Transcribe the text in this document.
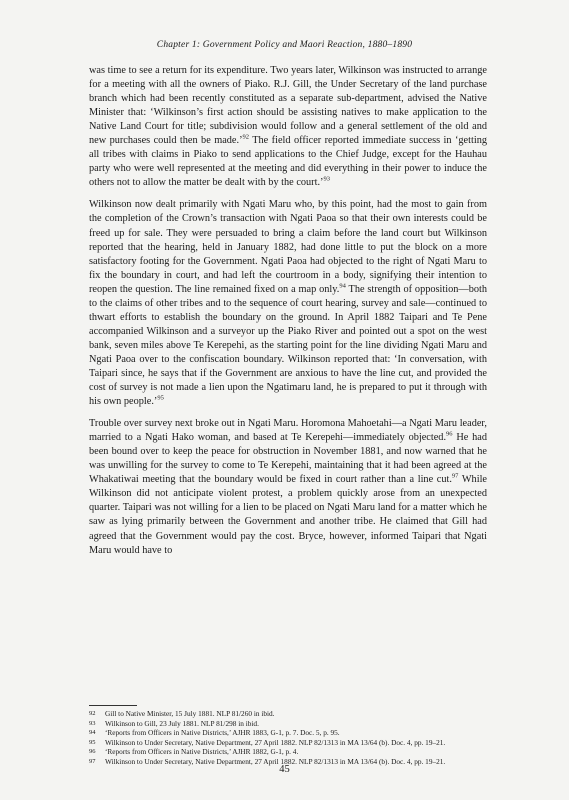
Chapter 1: Government Policy and Maori Reaction, 1880–1890

was time to see a return for its expenditure. Two years later, Wilkinson was instructed to arrange for a meeting with all the owners of Piako. R.J. Gill, the Under Secretary of the land purchase branch which had been recently constituted as a separate sub-department, advised the Native Minister that: ‘Wilkinson’s first action should be assisting natives to make application to the Native Land Court for title; subdivision would follow and a general settlement of the old and new purchases could then be made.’$^{92}$ The field officer reported immediate success in ‘getting all tribes with claims in Piako to send applications to the Chief Judge, except for the Hauhau party who were well represented at the meeting and did everything in their power to induce the others not to allow the matter be dealt with by the court.’$^{93}$

Wilkinson now dealt primarily with Ngati Maru who, by this point, had the most to gain from the completion of the Crown’s transaction with Ngati Paoa so that their own interests could be freed up for sale. They were persuaded to bring a claim before the land court but Wilkinson reported that the hearing, held in January 1882, had done little to put the block on a more satisfactory footing for the Government. Ngati Paoa had objected to the right of Ngati Maru to fix the boundary in court, and had left the courtroom in a body, signifying their intention to reopen the question. The line remained fixed on a map only.$^{94}$ The strength of opposition—both to the claims of other tribes and to the sequence of court hearing, survey and sale—continued to thwart efforts to establish the boundary on the ground. In April 1882 Taipari and Te Pene accompanied Wilkinson and a surveyor up the Piako River and pointed out a spot on the west bank, seven miles above Te Kerepehi, as the starting point for the line dividing Ngati Maru and Ngati Paoa over to the confiscation boundary. Wilkinson reported that: ‘In conversation, with Taipari since, he says that if the Government are anxious to have the line cut, and provided the cost of survey is not made a lien upon the Ngatimaru land, he is prepared to put it through with his own people.’$^{95}$

Trouble over survey next broke out in Ngati Maru. Horomona Mahoetahi—a Ngati Maru leader, married to a Ngati Hako woman, and based at Te Kerepehi—immediately objected.$^{96}$ He had been bound over to keep the peace for obstruction in November 1881, and now warned that he was unwilling for the survey to come to Te Kerepehi, maintaining that it had been agreed at the Whakatiwai meeting that the boundary would be fixed in court rather than a line cut.$^{97}$ While Wilkinson did not anticipate violent protest, a problem quickly arose from an unexpected quarter. Taipari was not willing for a lien to be placed on Ngati Maru land for a matter which he saw as lying primarily between the Government and another tribe. He claimed that Gill had agreed that the Government would pay the cost. Bryce, however, informed Taipari that Ngati Maru would have to

92	Gill to Native Minister, 15 July 1881. NLP 81/260 in ibid.
93	Wilkinson to Gill, 23 July 1881. NLP 81/298 in ibid.
94	‘Reports from Officers in Native Districts,’ AJHR 1883, G-1, p. 7. Doc. 5, p. 95.
95	Wilkinson to Under Secretary, Native Department, 27 April 1882. NLP 82/1313 in MA 13/64 (b). Doc. 4, pp. 19–21.
96	‘Reports from Officers in Native Districts,’ AJHR 1882, G-1, p. 4.
97	Wilkinson to Under Secretary, Native Department, 27 April 1882. NLP 82/1313 in MA 13/64 (b). Doc. 4, pp. 19–21.
45
